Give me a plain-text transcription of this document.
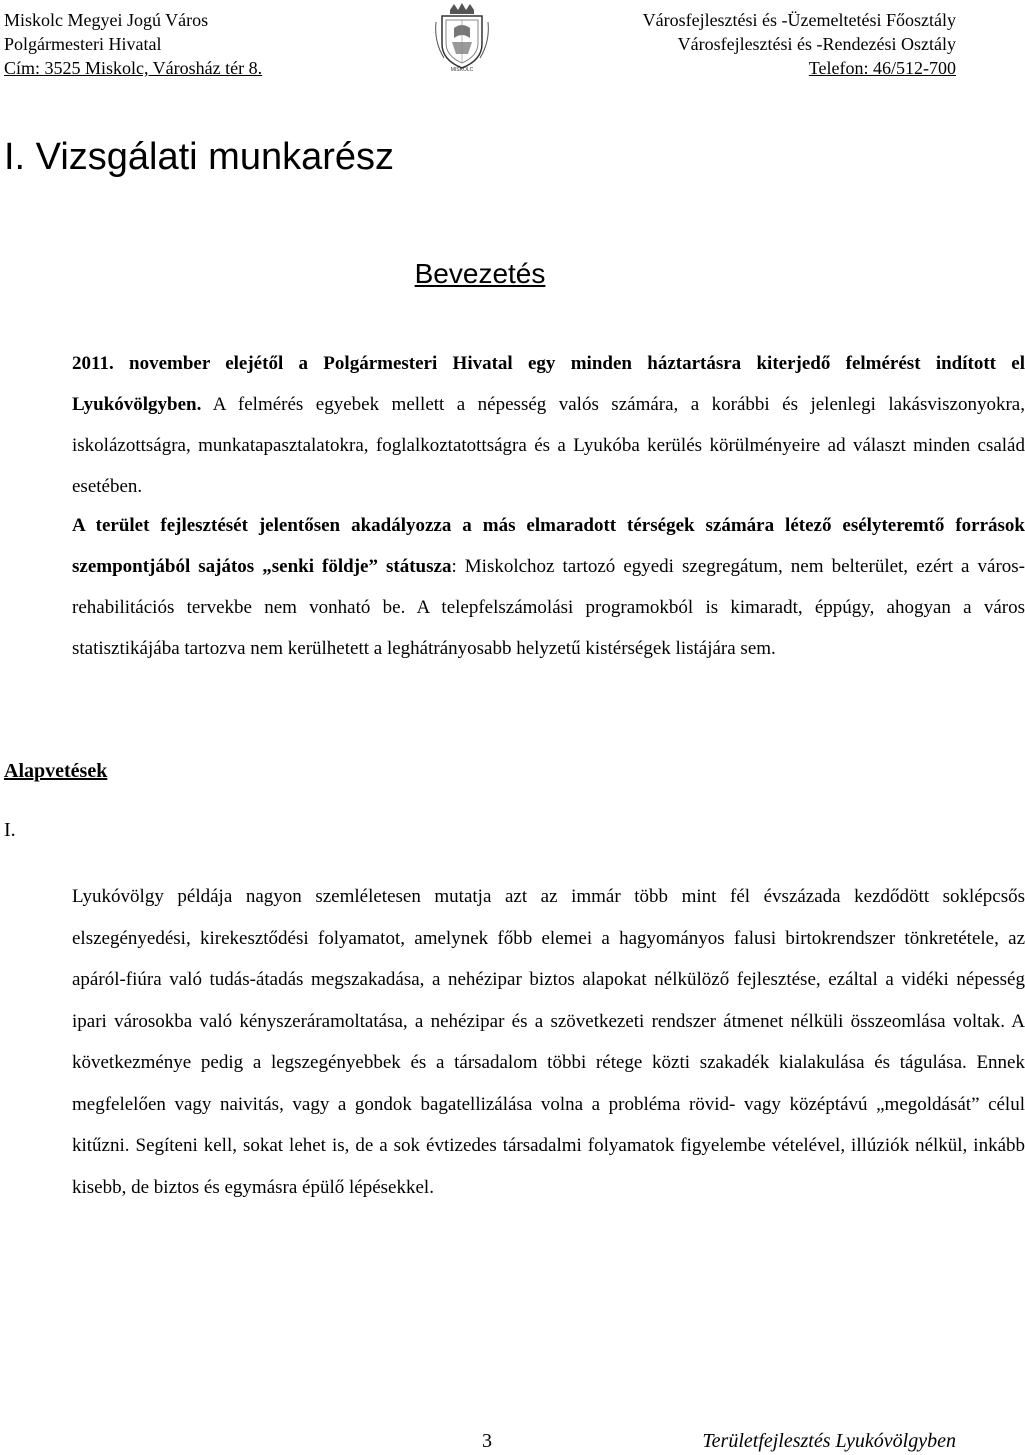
Miskolc Megyei Jogú Város
Polgármesteri Hivatal
Cím: 3525 Miskolc, Városház tér 8.	MISKOLC
Városfejlesztési és -Üzemeltetési Főosztály
Városfejlesztési és -Rendezési Osztály
Telefon: 46/512-700
I. Vizsgálati munkarész
Bevezetés

2011. november elejétől a Polgármesteri Hivatal egy minden háztartásra kiterjedő felmérést indított el Lyukóvölgyben. A felmérés egyebek mellett a népesség valós számára, a korábbi és jelenlegi lakásviszonyokra, iskolázottságra, munkatapasztalatokra, foglalkoztatottságra és a Lyukóba kerülés körülményeire ad választ minden család esetében.

A terület fejlesztését jelentősen akadályozza a más elmaradott térségek számára létező esélyteremtő források szempontjából sajátos „senki földje” státusza: Miskolchoz tartozó egyedi szegregátum, nem belterület, ezért a város-rehabilitációs tervekbe nem vonható be. A telepfelszámolási programokból is kimaradt, éppúgy, ahogyan a város statisztikájába tartozva nem kerülhetett a leghátrányosabb helyzetű kistérségek listájára sem.

Alapvetések
I.

Lyukóvölgy példája nagyon szemléletesen mutatja azt az immár több mint fél évszázada kezdődött soklépcsős elszegényedési, kirekesztődési folyamatot, amelynek főbb elemei a hagyományos falusi birtokrendszer tönkretétele, az apáról-fiúra való tudás-átadás megszakadása, a nehézipar biztos alapokat nélkülöző fejlesztése, ezáltal a vidéki népesség ipari városokba való kényszeráramoltatása, a nehézipar és a szövetkezeti rendszer átmenet nélküli összeomlása voltak. A következménye pedig a legszegényebbek és a társadalom többi rétege közti szakadék kialakulása és tágulása. Ennek megfelelően vagy naivitás, vagy a gondok bagatellizálása volna a probléma rövid- vagy középtávú „megoldását” célul kitűzni. Segíteni kell, sokat lehet is, de a sok évtizedes társadalmi folyamatok figyelembe vételével, illúziók nélkül, inkább kisebb, de biztos és egymásra épülő lépésekkel.

3	Területfejlesztés Lyukóvölgyben
